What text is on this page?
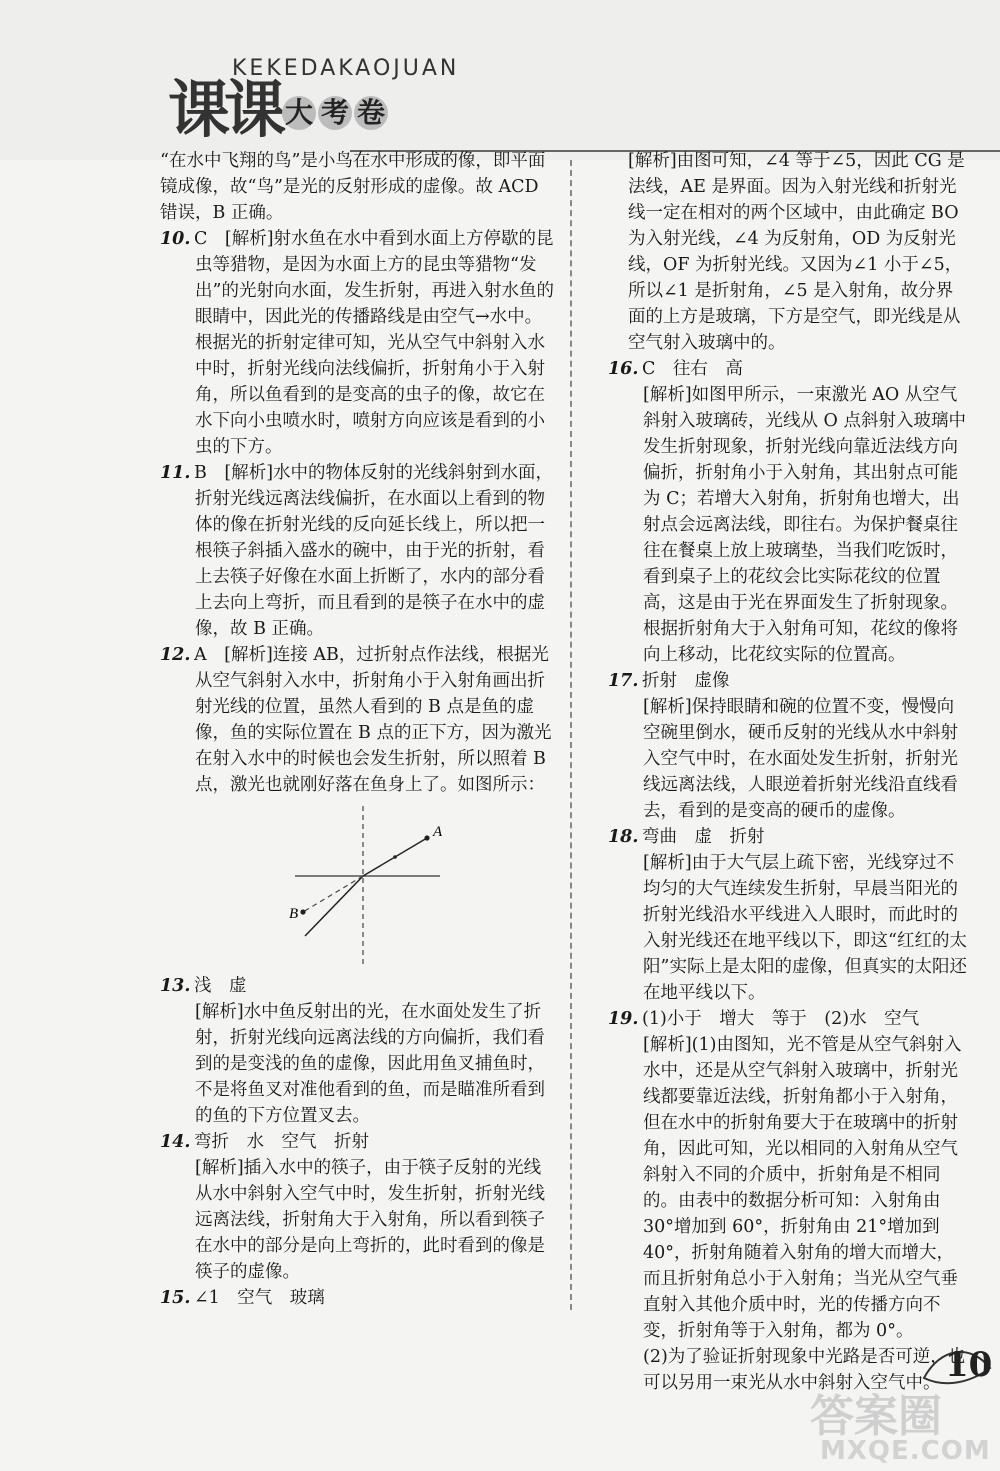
课课
KEKEDAKAOJUAN
大 考 卷

“在水中飞翔的鸟”是小鸟在水中形成的像，即平面镜成像，故“鸟”是光的反射形成的虚像。故 ACD 错误，B 正确。

10. C　 [解析]射水鱼在水中看到水面上方停歇的昆虫等猎物，是因为水面上方的昆虫等猎物“发出”的光射向水面，发生折射，再进入射水鱼的眼睛中，因此光的传播路线是由空气→水中。根据光的折射定律可知，光从空气中斜射入水中时，折射光线向法线偏折，折射角小于入射角，所以鱼看到的是变高的虫子的像，故它在水下向小虫喷水时，喷射方向应该是看到的小虫的下方。

11. B　 [解析]水中的物体反射的光线斜射到水面，折射光线远离法线偏折，在水面以上看到的物体的像在折射光线的反向延长线上，所以把一根筷子斜插入盛水的碗中，由于光的折射，看上去筷子好像在水面上折断了，水内的部分看上去向上弯折，而且看到的是筷子在水中的虚像，故 B 正确。

12. A　 [解析]连接 AB，过折射点作法线，根据光从空气斜射入水中，折射角小于入射角画出折射光线的位置，虽然人看到的 B 点是鱼的虚像，鱼的实际位置在 B 点的正下方，因为激光在射入水中的时候也会发生折射，所以照着 B 点，激光也就刚好落在鱼身上了。如图所示：

A
B

13. 浅　虚

[解析]水中鱼反射出的光，在水面处发生了折射，折射光线向远离法线的方向偏折，我们看到的是变浅的鱼的虚像，因此用鱼叉捕鱼时，不是将鱼叉对准他看到的鱼，而是瞄准所看到的鱼的下方位置叉去。

14. 弯折　水　空气　折射

[解析]插入水中的筷子，由于筷子反射的光线从水中斜射入空气中时，发生折射，折射光线远离法线，折射角大于入射角，所以看到筷子在水中的部分是向上弯折的，此时看到的像是筷子的虚像。

15. ∠1　空气　玻璃

[解析]由图可知，∠4 等于∠5，因此 CG 是法线，AE 是界面。因为入射光线和折射光线一定在相对的两个区域中，由此确定 BO 为入射光线，∠4 为反射角，OD 为反射光线，OF 为折射光线。又因为∠1 小于∠5，所以∠1 是折射角，∠5 是入射角，故分界面的上方是玻璃，下方是空气，即光线是从空气射入玻璃中的。

16. C　往右　高

[解析]如图甲所示，一束激光 AO 从空气斜射入玻璃砖，光线从 O 点斜射入玻璃中发生折射现象，折射光线向靠近法线方向偏折，折射角小于入射角，其出射点可能为 C；若增大入射角，折射角也增大，出射点会远离法线，即往右。为保护餐桌往往在餐桌上放上玻璃垫，当我们吃饭时，看到桌子上的花纹会比实际花纹的位置高，这是由于光在界面发生了折射现象。根据折射角大于入射角可知，花纹的像将向上移动，比花纹实际的位置高。

17. 折射　虚像

[解析]保持眼睛和碗的位置不变，慢慢向空碗里倒水，硬币反射的光线从水中斜射入空气中时，在水面处发生折射，折射光线远离法线，人眼逆着折射光线沿直线看去，看到的是变高的硬币的虚像。

18. 弯曲　虚　折射

[解析]由于大气层上疏下密，光线穿过不均匀的大气连续发生折射，早晨当阳光的折射光线沿水平线进入人眼时，而此时的入射光线还在地平线以下，即这“红红的太阳”实际上是太阳的虚像，但真实的太阳还在地平线以下。

19. (1)小于　增大　等于　(2)水　空气

[解析](1)由图知，光不管是从空气斜射入水中，还是从空气斜射入玻璃中，折射光线都要靠近法线，折射角都小于入射角，但在水中的折射角要大于在玻璃中的折射角，因此可知，光以相同的入射角从空气斜射入不同的介质中，折射角是不相同的。由表中的数据分析可知：入射角由 30°增加到 60°，折射角由 21°增加到 40°，折射角随着入射角的增大而增大，而且折射角总小于入射角；当光从空气垂直射入其他介质中时，光的传播方向不变，折射角等于入射角，都为 0°。

(2)为了验证折射现象中光路是否可逆，也可以另用一束光从水中斜射入空气中。 10
答案圈
MXQE.COM
